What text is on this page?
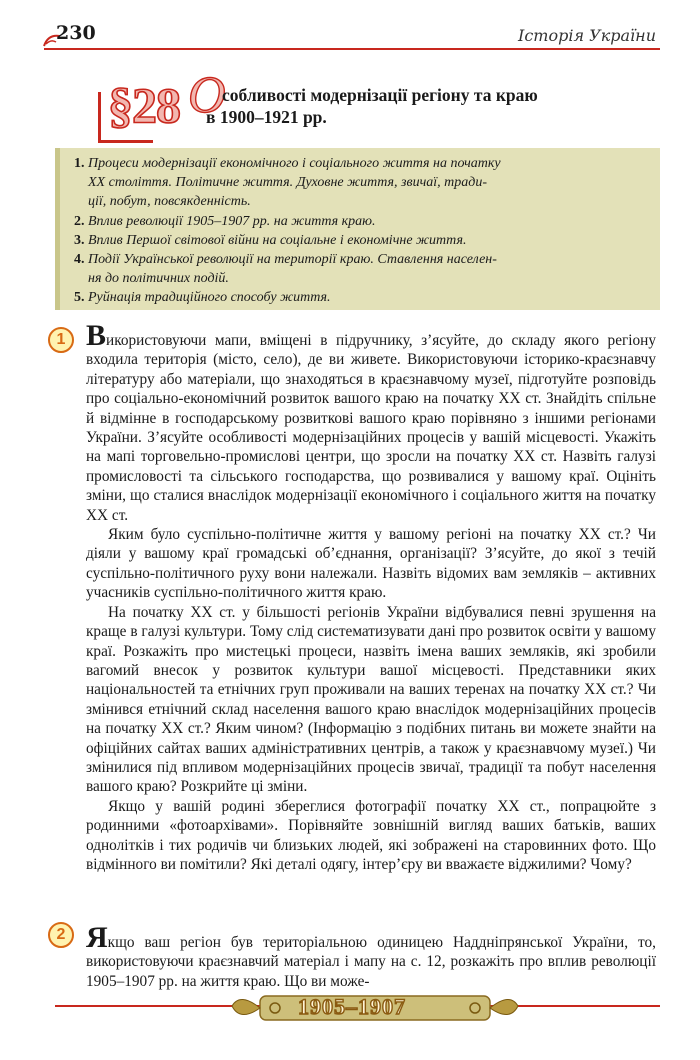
230	Історія України
§28 О
собливості модернізації регіону та краю
в 1900–1921 рр.
1. Процеси модернізації економічного і соціального життя на початку
XX століття. Політичне життя. Духовне життя, звичаї, тради-
ції, побут, повсякденність.
2. Вплив революції 1905–1907 рр. на життя краю.
3. Вплив Першої світової війни на соціальне і економічне життя.
4. Події Української революції на території краю. Ставлення населен-
ня до політичних подій.
5. Руйнація традиційного способу життя.
1 Використовуючи мапи, вміщені в підручнику, з’ясуйте, до складу якого регіону входила територія (місто, село), де ви живете. Використовуючи історико-краєзнавчу літературу або матеріали, що знаходяться в краєзнавчому музеї, підготуйте розповідь про соціально-економічний розвиток вашого краю на початку XX ст. Знайдіть спільне й відмінне в господарському розвиткові вашого краю порівняно з іншими регіонами України. З’ясуйте особливості модернізаційних процесів у вашій місцевості. Укажіть на мапі торговельно-промислові центри, що зросли на початку XX ст. Назвіть галузі промисловості та сільського господарства, що розвивалися у вашому краї. Оцініть зміни, що сталися внаслідок модернізації економічного і соціального життя на початку XX ст.

Яким було суспільно-політичне життя у вашому регіоні на початку XX ст.? Чи діяли у вашому краї громадські об’єднання, організації? З’ясуйте, до якої з течій суспільно-політичного руху вони належали. Назвіть відомих вам земляків – активних учасників суспільно-політичного життя краю.

На початку XX ст. у більшості регіонів України відбувалися певні зрушення на краще в галузі культури. Тому слід систематизувати дані про розвиток освіти у вашому краї. Розкажіть про мистецькі процеси, назвіть імена ваших земляків, які зробили вагомий внесок у розвиток культури вашої місцевості. Представники яких національностей та етнічних груп проживали на ваших теренах на початку XX ст.? Чи змінився етнічний склад населення вашого краю внаслідок модернізаційних процесів на початку XX ст.? Яким чином? (Інформацію з подібних питань ви можете знайти на офіційних сайтах ваших адміністративних центрів, а також у краєзнавчому музеї.) Чи змінилися під впливом модернізаційних процесів звичаї, традиції та побут населення вашого краю? Розкрийте ці зміни.

Якщо у вашій родині збереглися фотографії початку XX ст., попрацюйте з родинними «фотоархівами». Порівняйте зовнішній вигляд ваших батьків, ваших однолітків і тих родичів чи близьких людей, які зображені на старовинних фото. Що відмінного ви помітили? Які деталі одягу, інтер’єру ви вважаєте віджилими? Чому?

2 Якщо ваш регіон був територіальною одиницею Наддніпрянської України, то, використовуючи краєзнавчий матеріал і мапу на с. 12, розкажіть про вплив революції 1905–1907 рр. на життя краю. Що ви може-

1905–1907
